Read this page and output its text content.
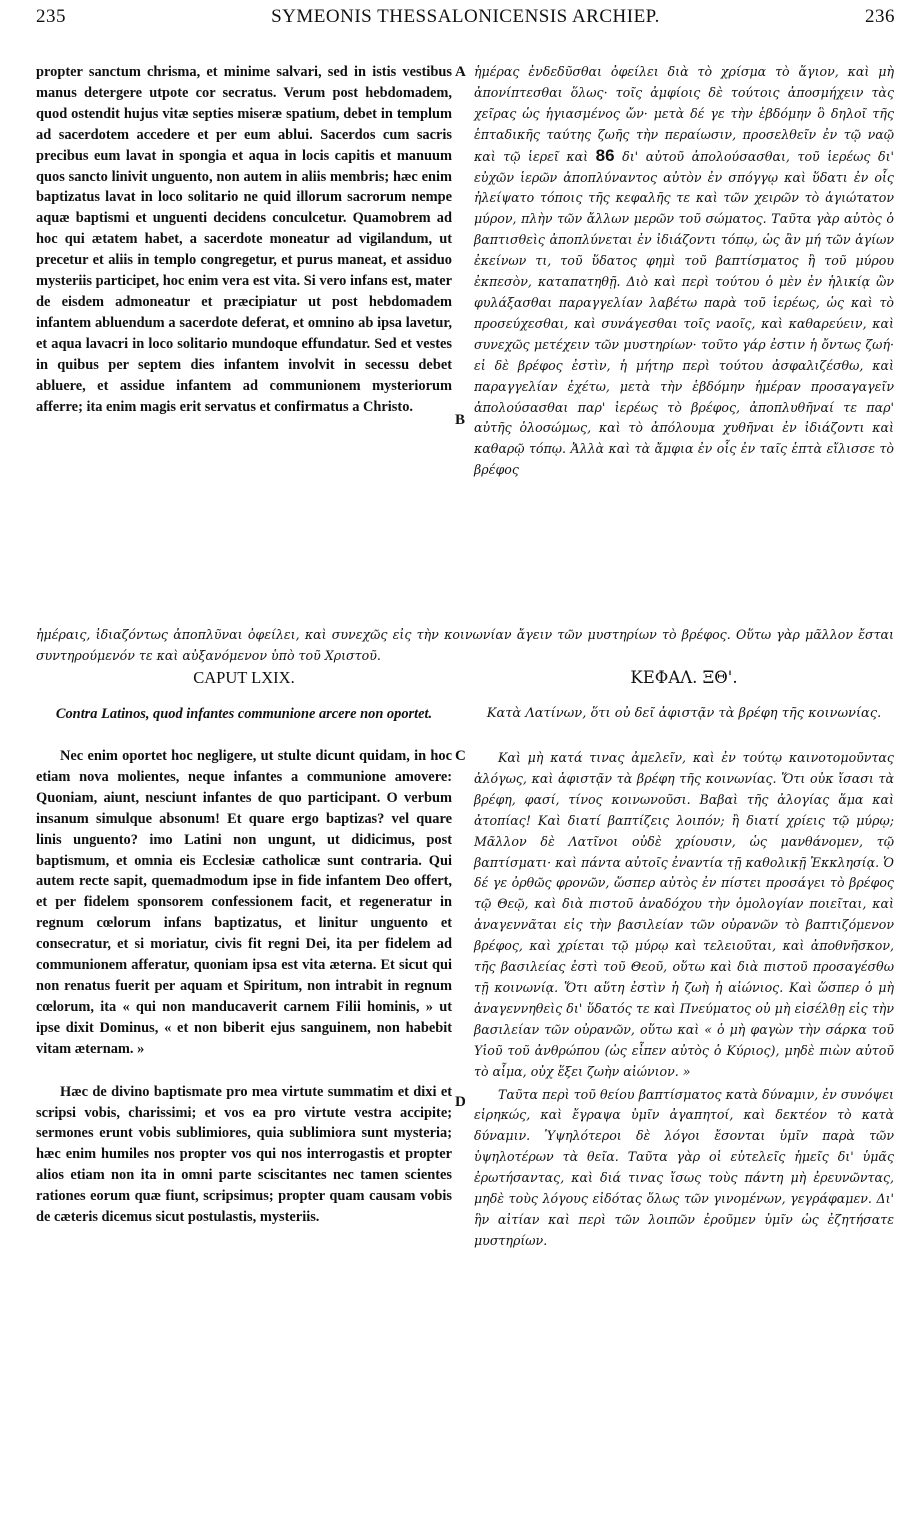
235	SYMEONIS THESSALONICENSIS ARCHIEP.	236
A
B
C
D

propter sanctum chrisma, et minime salvari, sed in istis vestibus manus detergere utpote cor secratus. Verum post hebdomadem, quod ostendit hujus vitæ septies miseræ spatium, debet in templum ad sacerdotem accedere et per eum ablui. Sacerdos cum sacris precibus eum lavat in spongia et aqua in locis capitis et manuum quos sancto linivit unguento, non autem in aliis membris; hæc enim baptizatus lavat in loco solitario ne quid illorum sacrorum nempe aquæ baptismi et unguenti decidens conculcetur. Quamobrem ad hoc qui ætatem habet, a sacerdote moneatur ad vigilandum, ut precetur et aliis in templo congregetur, et purus maneat, et assiduo mysteriis participet, hoc enim vera est vita. Si vero infans est, mater de eisdem admoneatur et præcipiatur ut post hebdomadem infantem abluendum a sacerdote deferat, et omnino ab ipsa lavetur, et aqua lavacri in loco solitario mundoque effundatur. Sed et vestes in quibus per septem dies infantem involvit in secessu debet abluere, et assidue infantem ad communionem mysteriorum afferre; ita enim magis erit servatus et confirmatus a Christo.

ἡμέρας ἐνδεδῦσθαι ὀφείλει διὰ τὸ χρίσμα τὸ ἅγιον, καὶ μὴ ἀπονίπτεσθαι ὅλως· τοῖς ἀμφίοις δὲ τούτοις ἀποσμήχειν τὰς χεῖρας ὡς ἡγιασμένος ὤν· μετὰ δέ γε τὴν ἑβδόμην ὃ δηλοῖ τῆς ἑπταδικῆς ταύτης ζωῆς τὴν περαίωσιν, προσελθεῖν ἐν τῷ ναῷ καὶ τῷ ἱερεῖ καὶ 86 δι' αὐτοῦ ἀπολούσασθαι, τοῦ ἱερέως δι' εὐχῶν ἱερῶν ἀποπλύναντος αὐτὸν ἐν σπόγγῳ καὶ ὕδατι ἐν οἷς ἠλείψατο τόποις τῆς κεφαλῆς τε καὶ τῶν χειρῶν τὸ ἁγιώτατον μύρον, πλὴν τῶν ἄλλων μερῶν τοῦ σώματος. Ταῦτα γὰρ αὐτὸς ὁ βαπτισθεὶς ἀποπλύνεται ἐν ἰδιάζοντι τόπῳ, ὡς ἂν μή τῶν ἁγίων ἐκείνων τι, τοῦ ὕδατος φημὶ τοῦ βαπτίσματος ἢ τοῦ μύρου ἐκπεσὸν, καταπατηθῇ. Διὸ καὶ περὶ τούτου ὁ μὲν ἐν ἡλικίᾳ ὢν φυλάξασθαι παραγγελίαν λαβέτω παρὰ τοῦ ἱερέως, ὡς καὶ τὸ προσεύχεσθαι, καὶ συνάγεσθαι τοῖς ναοῖς, καὶ καθαρεύειν, καὶ συνεχῶς μετέχειν τῶν μυστηρίων· τοῦτο γάρ ἐστιν ἡ ὄντως ζωή· εἰ δὲ βρέφος ἐστὶν, ἡ μήτηρ περὶ τούτου ἀσφαλιζέσθω, καὶ παραγγελίαν ἐχέτω, μετὰ τὴν ἑβδόμην ἡμέραν προσαγαγεῖν ἀπολούσασθαι παρ' ἱερέως τὸ βρέφος, ἀποπλυθῆναί τε παρ' αὐτῆς ὁλοσώμως, καὶ τὸ ἀπόλουμα χυθῆναι ἐν ἰδιάζοντι καὶ καθαρῷ τόπῳ. Ἀλλὰ καὶ τὰ ἄμφια ἐν οἷς ἐν ταῖς ἑπτὰ εἴλισσε τὸ βρέφος

ἡμέραις, ἰδιαζόντως ἀποπλῦναι ὀφείλει, καὶ συνεχῶς εἰς τὴν κοινωνίαν ἄγειν τῶν μυστηρίων τὸ βρέφος. Οὕτω γὰρ μᾶλλον ἔσται συντηρούμενόν τε καὶ αὐξανόμενον ὑπὸ τοῦ Χριστοῦ.

CAPUT LXIX.	ΚΕΦΑΛ. ΞΘ'.
Contra Latinos, quod infantes communione arcere non oportet.	Κατὰ Λατίνων, ὅτι οὐ δεῖ ἀφιστᾷν τὰ βρέφη τῆς κοινωνίας.

Nec enim oportet hoc negligere, ut stulte dicunt quidam, in hoc etiam nova molientes, neque infantes a communione amovere: Quoniam, aiunt, nesciunt infantes de quo participant. O verbum insanum simulque absonum! Et quare ergo baptizas? vel quare linis unguento? imo Latini non ungunt, ut didicimus, post baptismum, et omnia eis Ecclesiæ catholicæ sunt contraria. Qui autem recte sapit, quemadmodum ipse in fide infantem Deo offert, et per fidelem sponsorem confessionem facit, et regeneratur in regnum cœlorum infans baptizatus, et linitur unguento et consecratur, et si moriatur, civis fit regni Dei, ita per fidelem ad communionem afferatur, quoniam ipsa est vita æterna. Et sicut qui non renatus fuerit per aquam et Spiritum, non intrabit in regnum cœlorum, ita « qui non manducaverit carnem Filii hominis, » ut ipse dixit Dominus, « et non biberit ejus sanguinem, non habebit vitam æternam. »

Hæc de divino baptismate pro mea virtute summatim et dixi et scripsi vobis, charissimi; et vos ea pro virtute vestra accipite; sermones erunt vobis sublimiores, quia sublimiora sunt mysteria; hæc enim humiles nos propter vos qui nos interrogastis et propter alios etiam non ita in omni parte sciscitantes nec tamen scientes rationes eorum quæ fiunt, scripsimus; propter quam causam vobis de cæteris dicemus sicut postulastis, mysteriis.

Καὶ μὴ κατά τινας ἀμελεῖν, καὶ ἐν τούτῳ καινοτομοῦντας ἀλόγως, καὶ ἀφιστᾷν τὰ βρέφη τῆς κοινωνίας. Ὅτι οὐκ ἴσασι τὰ βρέφη, φασί, τίνος κοινωνοῦσι. Βαβαὶ τῆς ἀλογίας ἅμα καὶ ἀτοπίας! Καὶ διατί βαπτίζεις λοιπόν; ἢ διατί χρίεις τῷ μύρῳ; Μᾶλλον δὲ Λατῖνοι οὐδὲ χρίουσιν, ὡς μανθάνομεν, τῷ βαπτίσματι· καὶ πάντα αὐτοῖς ἐναντία τῇ καθολικῇ Ἐκκλησίᾳ. Ὁ δέ γε ὀρθῶς φρονῶν, ὥσπερ αὐτὸς ἐν πίστει προσάγει τὸ βρέφος τῷ Θεῷ, καὶ διὰ πιστοῦ ἀναδόχου τὴν ὁμολογίαν ποιεῖται, καὶ ἀναγεννᾶται εἰς τὴν βασιλείαν τῶν οὐρανῶν τὸ βαπτιζόμενον βρέφος, καὶ χρίεται τῷ μύρῳ καὶ τελειοῦται, καὶ ἀποθνῆσκον, τῆς βασιλείας ἐστὶ τοῦ Θεοῦ, οὕτω καὶ διὰ πιστοῦ προσαγέσθω τῇ κοινωνίᾳ. Ὅτι αὕτη ἐστὶν ἡ ζωὴ ἡ αἰώνιος. Καὶ ὥσπερ ὁ μὴ ἀναγεννηθεὶς δι' ὕδατός τε καὶ Πνεύματος οὐ μὴ εἰσέλθῃ εἰς τὴν βασιλείαν τῶν οὐρανῶν, οὕτω καὶ « ὁ μὴ φαγὼν τὴν σάρκα τοῦ Υἱοῦ τοῦ ἀνθρώπου (ὡς εἶπεν αὐτὸς ὁ Κύριος), μηδὲ πιὼν αὐτοῦ τὸ αἷμα, οὐχ ἕξει ζωὴν αἰώνιον. »

Ταῦτα περὶ τοῦ θείου βαπτίσματος κατὰ δύναμιν, ἐν συνόψει εἰρηκώς, καὶ ἔγραψα ὑμῖν ἀγαπητοί, καὶ δεκτέον τὸ κατὰ δύναμιν. Ὑψηλότεροι δὲ λόγοι ἔσονται ὑμῖν παρὰ τῶν ὑψηλοτέρων τὰ θεῖα. Ταῦτα γὰρ οἱ εὐτελεῖς ἡμεῖς δι' ὑμᾶς ἐρωτήσαντας, καὶ διά τινας ἴσως τοὺς πάντη μὴ ἐρευνῶντας, μηδὲ τοὺς λόγους εἰδότας ὅλως τῶν γινομένων, γεγράφαμεν. Δι' ἣν αἰτίαν καὶ περὶ τῶν λοιπῶν ἐροῦμεν ὑμῖν ὡς ἐζητήσατε μυστηρίων.
